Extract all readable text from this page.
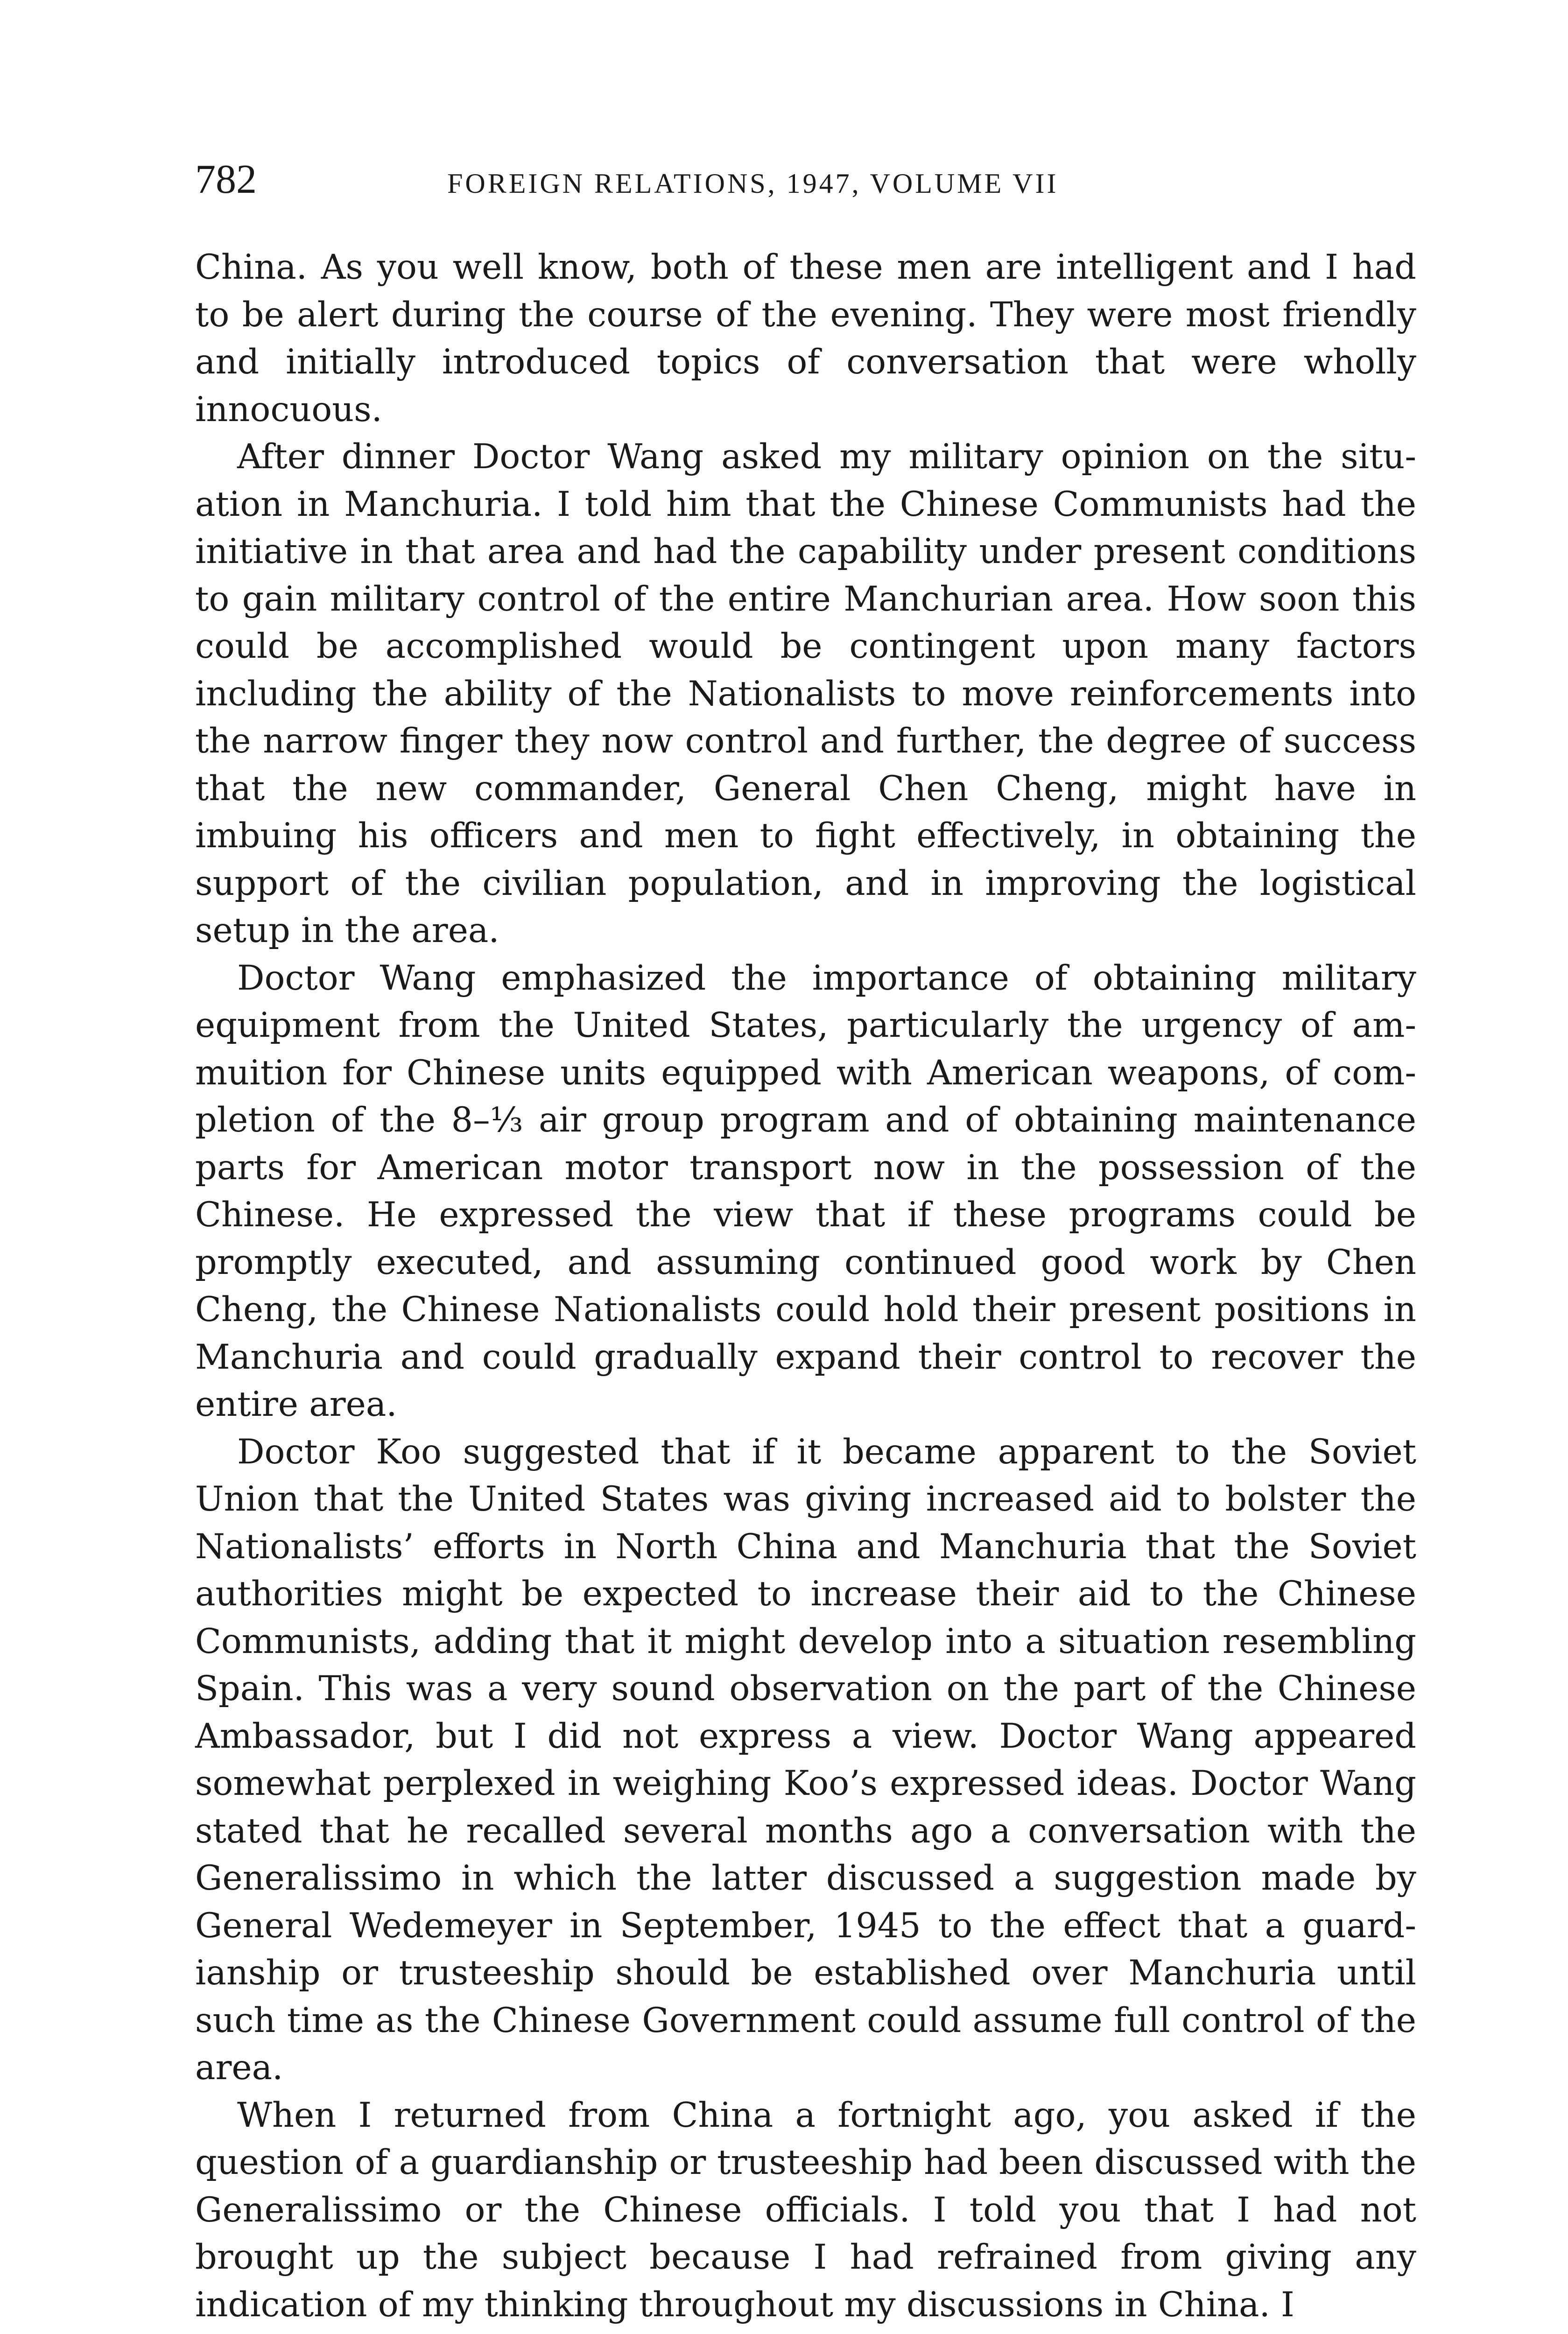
782	FOREIGN RELATIONS, 1947, VOLUME VII

China. As you well know, both of these men are intelligent and I had to be alert during the course of the evening. They were most friendly and initially introduced topics of conversation that were wholly innocuous.

After dinner Doctor Wang asked my military opinion on the situation in Manchuria. I told him that the Chinese Communists had the initiative in that area and had the capability under present conditions to gain military control of the entire Manchurian area. How soon this could be accomplished would be contingent upon many factors including the ability of the Nationalists to move reinforcements into the narrow finger they now control and further, the degree of success that the new commander, General Chen Cheng, might have in imbuing his officers and men to fight effectively, in obtaining the support of the civilian population, and in improving the logistical setup in the area.

Doctor Wang emphasized the importance of obtaining military equipment from the United States, particularly the urgency of ammuition for Chinese units equipped with American weapons, of completion of the 8–⅓ air group program and of obtaining maintenance parts for American motor transport now in the possession of the Chinese. He expressed the view that if these programs could be promptly executed, and assuming continued good work by Chen Cheng, the Chinese Nationalists could hold their present positions in Manchuria and could gradually expand their control to recover the entire area.

Doctor Koo suggested that if it became apparent to the Soviet Union that the United States was giving increased aid to bolster the Nationalists’ efforts in North China and Manchuria that the Soviet authorities might be expected to increase their aid to the Chinese Communists, adding that it might develop into a situation resembling Spain. This was a very sound observation on the part of the Chinese Ambassador, but I did not express a view. Doctor Wang appeared somewhat perplexed in weighing Koo’s expressed ideas. Doctor Wang stated that he recalled several months ago a conversation with the Generalissimo in which the latter discussed a suggestion made by General Wedemeyer in September, 1945 to the effect that a guardianship or trusteeship should be established over Manchuria until such time as the Chinese Government could assume full control of the area.

When I returned from China a fortnight ago, you asked if the question of a guardianship or trusteeship had been discussed with the Generalissimo or the Chinese officials. I told you that I had not brought up the subject because I had refrained from giving any indication of my thinking throughout my discussions in China. I
